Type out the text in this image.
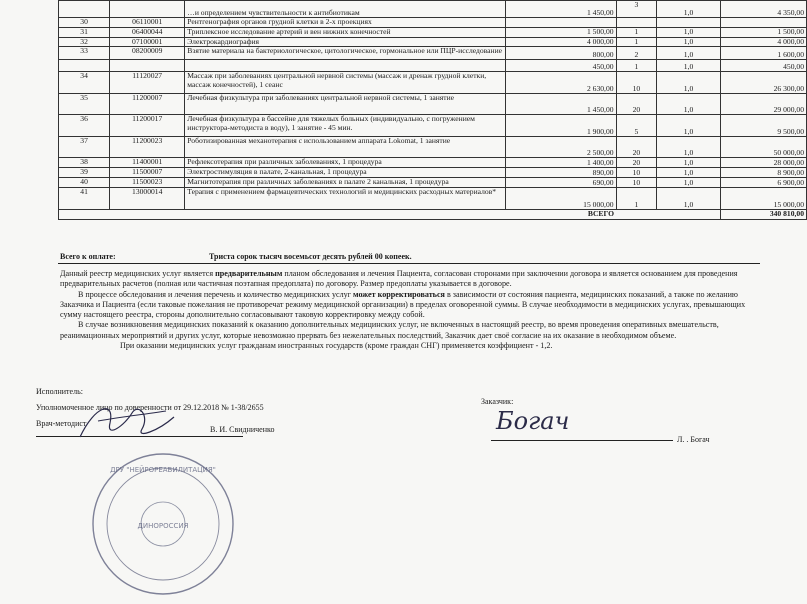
		…и определением чувствительности к антибиотикам	1 450,00	3	1,0	4 350,00
30	06110001	Рентгенография органов грудной клетки в 2-х проекциях				
31	06400044	Триплексное исследование артерий и вен нижних конечностей	1 500,00	1	1,0	1 500,00
32	07100001	Электрокардиография	4 000,00	1	1,0	4 000,00
33	08200009	Взятие материала на бактериологическое, цитологическое, гормональное или ПЦР-исследование	800,00	2	1,0	1 600,00
			450,00	1	1,0	450,00
34	11120027	Массаж при заболеваниях центральной нервной системы (массаж и дренаж грудной клетки, массаж конечностей), 1 сеанс	2 630,00	10	1,0	26 300,00
35	11200007	Лечебная физкультура при заболеваниях центральной нервной системы, 1 занятие	1 450,00	20	1,0	29 000,00
36	11200017	Лечебная физкультура в бассейне для тяжелых больных (индивидуально, с погружением инструктора-методиста в воду), 1 занятие - 45 мин.	1 900,00	5	1,0	9 500,00
37	11200023	Роботизированная механотерапия с использованием аппарата Lokomat, 1 занятие	2 500,00	20	1,0	50 000,00
38	11400001	Рефлексотерапия при различных заболеваниях, 1 процедура	1 400,00	20	1,0	28 000,00
39	11500007	Электростимуляция в палате, 2-канальная, 1 процедура	890,00	10	1,0	8 900,00
40	11500023	Магнитотерапия при различных заболеваниях в палате 2 канальная, 1 процедура	690,00	10	1,0	6 900,00
41	13000014	Терапия с применением фармацевтических технологий и медицинских расходных материалов*	15 000,00	1	1,0	15 000,00
ВСЕГО						340 810,00
Всего к оплате:	Триста сорок тысяч восемьсот десять рублей 00 копеек.

Данный реестр медицинских услуг является предварительным планом обследования и лечения Пациента, согласован сторонами при заключении договора и является основанием для проведения предварительных расчетов (полная или частичная поэтапная предоплата) по договору. Размер предоплаты указывается в договоре.

В процессе обследования и лечения перечень и количество медицинских услуг может корректироваться в зависимости от состояния пациента, медицинских показаний, а также по желанию Заказчика и Пациента (если таковые пожелания не противоречат режиму медицинской организации) в пределах оговоренной суммы. В случае необходимости в медицинских услугах, превышающих сумму настоящего реестра, стороны дополнительно согласовывают таковую корректировку между собой.

В случае возникновения медицинских показаний к оказанию дополнительных медицинских услуг, не включенных в настоящий реестр, во время проведения оперативных вмешательств, реанимационных мероприятий и других услуг, которые невозможно прервать без нежелательных последствий, Заказчик дает своё согласие на их оказание в необходимом объеме.

При оказании медицинских услуг гражданам иностранных государств (кроме граждан СНГ) применяется коэффициент - 1,2.

Исполнитель:
Уполномоченное лицо по доверенности от 29.12.2018 № 1-38/2655
Врач-методист
В. И. Свидниченко
ДРУ "НЕЙРОРЕАБИЛИТАЦИЯ"
ДИНОРОССИЯ
Заказчик:
Богач
Л. . Богач
